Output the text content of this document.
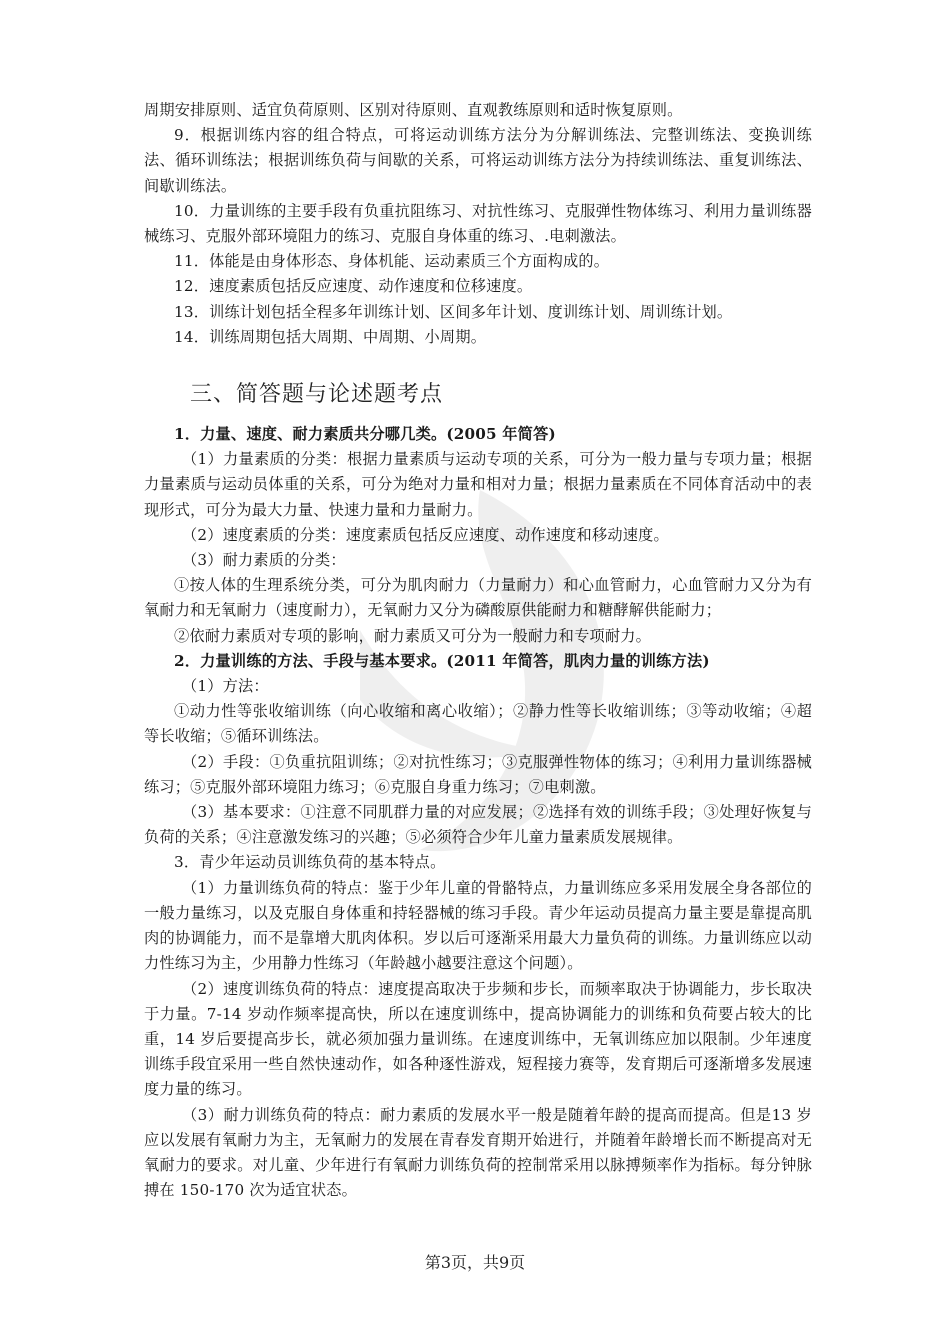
周期安排原则、适宜负荷原则、区别对待原则、直观教练原则和适时恢复原则。

9．根据训练内容的组合特点，可将运动训练方法分为分解训练法、完整训练法、变换训练法、循环训练法；根据训练负荷与间歇的关系，可将运动训练方法分为持续训练法、重复训练法、间歇训练法。

10．力量训练的主要手段有负重抗阻练习、对抗性练习、克服弹性物体练习、利用力量训练器械练习、克服外部环境阻力的练习、克服自身体重的练习、.电刺激法。

11．体能是由身体形态、身体机能、运动素质三个方面构成的。

12．速度素质包括反应速度、动作速度和位移速度。

13．训练计划包括全程多年训练计划、区间多年计划、度训练计划、周训练计划。

14．训练周期包括大周期、中周期、小周期。

三、简答题与论述题考点

1．力量、速度、耐力素质共分哪几类。(2005 年简答)

（1）力量素质的分类：根据力量素质与运动专项的关系，可分为一般力量与专项力量；根据力量素质与运动员体重的关系，可分为绝对力量和相对力量；根据力量素质在不同体育活动中的表现形式，可分为最大力量、快速力量和力量耐力。

（2）速度素质的分类：速度素质包括反应速度、动作速度和移动速度。

（3）耐力素质的分类：

①按人体的生理系统分类，可分为肌肉耐力（力量耐力）和心血管耐力，心血管耐力又分为有氧耐力和无氧耐力（速度耐力），无氧耐力又分为磷酸原供能耐力和糖酵解供能耐力；

②依耐力素质对专项的影响，耐力素质又可分为一般耐力和专项耐力。

2．力量训练的方法、手段与基本要求。(2011 年简答，肌肉力量的训练方法)

（1）方法：

①动力性等张收缩训练（向心收缩和离心收缩）；②静力性等长收缩训练；③等动收缩；④超等长收缩；⑤循环训练法。

（2）手段：①负重抗阻训练；②对抗性练习；③克服弹性物体的练习；④利用力量训练器械练习；⑤克服外部环境阻力练习；⑥克服自身重力练习；⑦电刺激。

（3）基本要求：①注意不同肌群力量的对应发展；②选择有效的训练手段；③处理好恢复与负荷的关系；④注意激发练习的兴趣；⑤必须符合少年儿童力量素质发展规律。

3．青少年运动员训练负荷的基本特点。

（1）力量训练负荷的特点：鉴于少年儿童的骨骼特点，力量训练应多采用发展全身各部位的一般力量练习，以及克服自身体重和持轻器械的练习手段。青少年运动员提高力量主要是靠提高肌肉的协调能力，而不是靠增大肌肉体积。岁以后可逐渐采用最大力量负荷的训练。力量训练应以动力性练习为主，少用静力性练习（年龄越小越要注意这个问题）。

（2）速度训练负荷的特点：速度提高取决于步频和步长，而频率取决于协调能力，步长取决于力量。7-14 岁动作频率提高快，所以在速度训练中，提高协调能力的训练和负荷要占较大的比重，14 岁后要提高步长，就必须加强力量训练。在速度训练中，无氧训练应加以限制。少年速度训练手段宜采用一些自然快速动作，如各种逐性游戏，短程接力赛等，发育期后可逐渐增多发展速度力量的练习。

（3）耐力训练负荷的特点：耐力素质的发展水平一般是随着年龄的提高而提高。但是13 岁应以发展有氧耐力为主，无氧耐力的发展在青春发育期开始进行，并随着年龄增长而不断提高对无氧耐力的要求。对儿童、少年进行有氧耐力训练负荷的控制常采用以脉搏频率作为指标。每分钟脉搏在 150-170 次为适宜状态。

第3页，共9页
